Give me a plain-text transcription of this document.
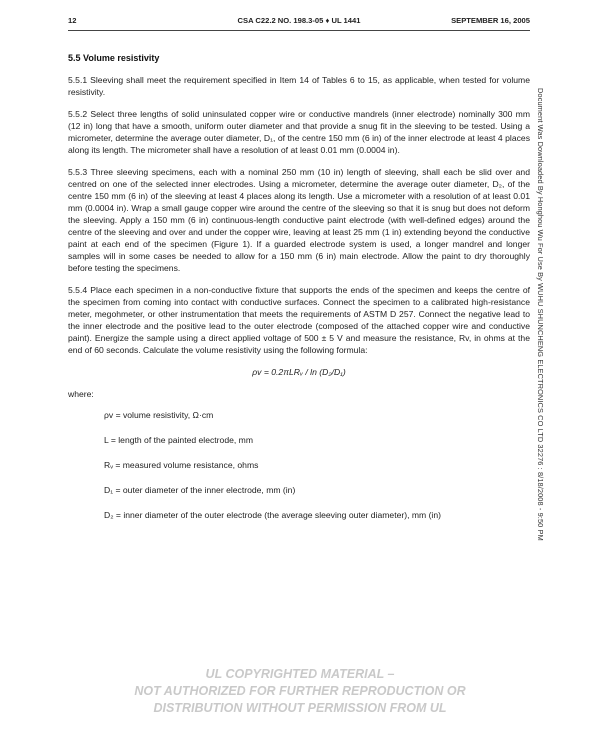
12	CSA C22.2 NO. 198.3-05 ♦ UL 1441	SEPTEMBER 16, 2005
5.5 Volume resistivity

5.5.1 Sleeving shall meet the requirement specified in Item 14 of Tables 6 to 15, as applicable, when tested for volume resistivity.

5.5.2 Select three lengths of solid uninsulated copper wire or conductive mandrels (inner electrode) nominally 300 mm (12 in) long that have a smooth, uniform outer diameter and that provide a snug fit in the sleeving to be tested. Using a micrometer, determine the average outer diameter, D₁, of the centre 150 mm (6 in) of the inner electrode at least 4 places along its length. The micrometer shall have a resolution of at least 0.01 mm (0.0004 in).

5.5.3 Three sleeving specimens, each with a nominal 250 mm (10 in) length of sleeving, shall each be slid over and centred on one of the selected inner electrodes. Using a micrometer, determine the average outer diameter, D₂, of the centre 150 mm (6 in) of the sleeving at least 4 places along its length. Use a micrometer with a resolution of at least 0.01 mm (0.0004 in). Wrap a small gauge copper wire around the centre of the sleeving so that it is snug but does not deform the sleeving. Apply a 150 mm (6 in) continuous-length conductive paint electrode (with well-defined edges) around the centre of the sleeving and over and under the copper wire, leaving at least 25 mm (1 in) extending beyond the conductive paint at each end of the specimen (Figure 1). If a guarded electrode system is used, a longer mandrel and longer samples will in some cases be needed to allow for a 150 mm (6 in) main electrode. Allow the paint to dry thoroughly before testing the specimens.

5.5.4 Place each specimen in a non-conductive fixture that supports the ends of the specimen and keeps the centre of the specimen from coming into contact with conductive surfaces. Connect the specimen to a calibrated high-resistance meter, megohmeter, or other instrumentation that meets the requirements of ASTM D 257. Connect the negative lead to the inner electrode and the positive lead to the outer electrode (composed of the attached copper wire and conductive paint). Energize the sample using a direct applied voltage of 500 ± 5 V and measure the resistance, Rv, in ohms at the end of 60 seconds. Calculate the volume resistivity using the following formula:

ρv = 0.2πLRᵥ / ln (D₂/D₁)
where:
ρv = volume resistivity, Ω·cm
L = length of the painted electrode, mm
Rᵥ = measured volume resistance, ohms
D₁ = outer diameter of the inner electrode, mm (in)
D₂ = inner diameter of the outer electrode (the average sleeving outer diameter), mm (in)	Document Was Downloaded By Honghou Wu For Use By WUHU SHUNCHENG ELECTRONICS CO LTD 32276 : 8/18/2008 - 9:50 PM
UL COPYRIGHTED MATERIAL –
NOT AUTHORIZED FOR FURTHER REPRODUCTION OR
DISTRIBUTION WITHOUT PERMISSION FROM UL
